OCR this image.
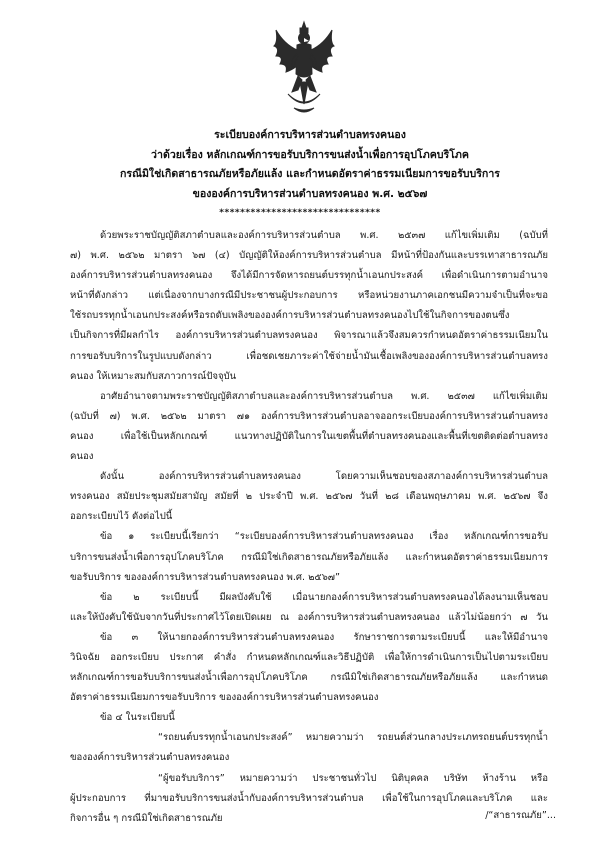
ระเบียบองค์การบริหารส่วนตำบลทรงคนอง
ว่าด้วยเรื่อง หลักเกณฑ์การขอรับบริการขนส่งน้ำเพื่อการอุปโภคบริโภค
กรณีมิใช่เกิดสาธารณภัยหรือภัยแล้ง และกำหนดอัตราค่าธรรมเนียมการขอรับบริการ
ขององค์การบริหารส่วนตำบลทรงคนอง พ.ศ. ๒๕๖๗
*******************************
ด้วยพระราชบัญญัติสภาตำบลและองค์การบริหารส่วนตำบล พ.ศ. ๒๕๓๗ แก้ไขเพิ่มเติม (ฉบับที่
๗) พ.ศ. ๒๕๖๒ มาตรา ๖๗ (๔) บัญญัติให้องค์การบริหารส่วนตำบล มีหน้าที่ป้องกันและบรรเทาสาธารณภัย
องค์การบริหารส่วนตำบลทรงคนอง จึงได้มีการจัดหารถยนต์บรรทุกน้ำเอนกประสงค์ เพื่อดำเนินการตามอำนาจ
หน้าที่ดังกล่าว แต่เนื่องจากบางกรณีมีประชาชนผู้ประกอบการ หรือหน่วยงานภาคเอกชนมีความจำเป็นที่จะขอ
ใช้รถบรรทุกน้ำเอนกประสงค์หรือรถดับเพลิงขององค์การบริหารส่วนตำบลทรงคนองไปใช้ในกิจการของตนซึ่ง
เป็นกิจการที่มีผลกำไร องค์การบริหารส่วนตำบลทรงคนอง พิจารณาแล้วจึงสมควรกำหนดอัตราค่าธรรมเนียมใน
การขอรับบริการในรูปแบบดังกล่าว เพื่อชดเชยภาระค่าใช้จ่ายน้ำมันเชื้อเพลิงขององค์การบริหารส่วนตำบลทรง
คนอง ให้เหมาะสมกับสภาวการณ์ปัจจุบัน
อาศัยอำนาจตามพระราชบัญญัติสภาตำบลและองค์การบริหารส่วนตำบล พ.ศ. ๒๕๓๗ แก้ไขเพิ่มเติม
(ฉบับที่ ๗) พ.ศ. ๒๕๖๒ มาตรา ๗๑ องค์การบริหารส่วนตำบลอาจออกระเบียบองค์การบริหารส่วนตำบลทรง
คนอง เพื่อใช้เป็นหลักเกณฑ์ แนวทางปฏิบัติในการในเขตพื้นที่ตำบลทรงคนองและพื้นที่เขตติดต่อตำบลทรง
คนอง
ดังนั้น องค์การบริหารส่วนตำบลทรงคนอง โดยความเห็นชอบของสภาองค์การบริหารส่วนตำบล
ทรงคนอง สมัยประชุมสมัยสามัญ สมัยที่ ๒ ประจำปี พ.ศ. ๒๕๖๗ วันที่ ๒๘ เดือนพฤษภาคม พ.ศ. ๒๕๖๗ จึง
ออกระเบียบไว้ ดังต่อไปนี้
ข้อ ๑ ระเบียบนี้เรียกว่า “ระเบียบองค์การบริหารส่วนตำบลทรงคนอง เรื่อง หลักเกณฑ์การขอรับ
บริการขนส่งน้ำเพื่อการอุปโภคบริโภค กรณีมิใช่เกิดสาธารณภัยหรือภัยแล้ง และกำหนดอัตราค่าธรรมเนียมการ
ขอรับบริการ ขององค์การบริหารส่วนตำบลทรงคนอง พ.ศ. ๒๕๖๗”
ข้อ ๒ ระเบียบนี้ มีผลบังคับใช้ เมื่อนายกองค์การบริหารส่วนตำบลทรงคนองได้ลงนามเห็นชอบ
และให้บังคับใช้นับจากวันที่ประกาศไว้โดยเปิดเผย ณ องค์การบริหารส่วนตำบลทรงคนอง แล้วไม่น้อยกว่า ๗ วัน
ข้อ ๓ ให้นายกองค์การบริหารส่วนตำบลทรงคนอง รักษาราชการตามระเบียบนี้ และให้มีอำนาจ
วินิจฉัย ออกระเบียบ ประกาศ คำสั่ง กำหนดหลักเกณฑ์และวิธีปฏิบัติ เพื่อให้การดำเนินการเป็นไปตามระเบียบ
หลักเกณฑ์การขอรับบริการขนส่งน้ำเพื่อการอุปโภคบริโภค กรณีมิใช่เกิดสาธารณภัยหรือภัยแล้ง และกำหนด
อัตราค่าธรรมเนียมการขอรับบริการ ขององค์การบริหารส่วนตำบลทรงคนอง
ข้อ ๔ ในระเบียบนี้
“รถยนต์บรรทุกน้ำเอนกประสงค์” หมายความว่า รถยนต์ส่วนกลางประเภทรถยนต์บรรทุกน้ำ
ขององค์การบริหารส่วนตำบลทรงคนอง
“ผู้ขอรับบริการ” หมายความว่า ประชาชนทั่วไป นิติบุคคล บริษัท ห้างร้าน หรือ
ผู้ประกอบการ ที่มาขอรับบริการขนส่งน้ำกับองค์การบริหารส่วนตำบล เพื่อใช้ในการอุปโภคและบริโภค และ
กิจการอื่น ๆ กรณีมิใช่เกิดสาธารณภัย	/“สาธารณภัย”...
